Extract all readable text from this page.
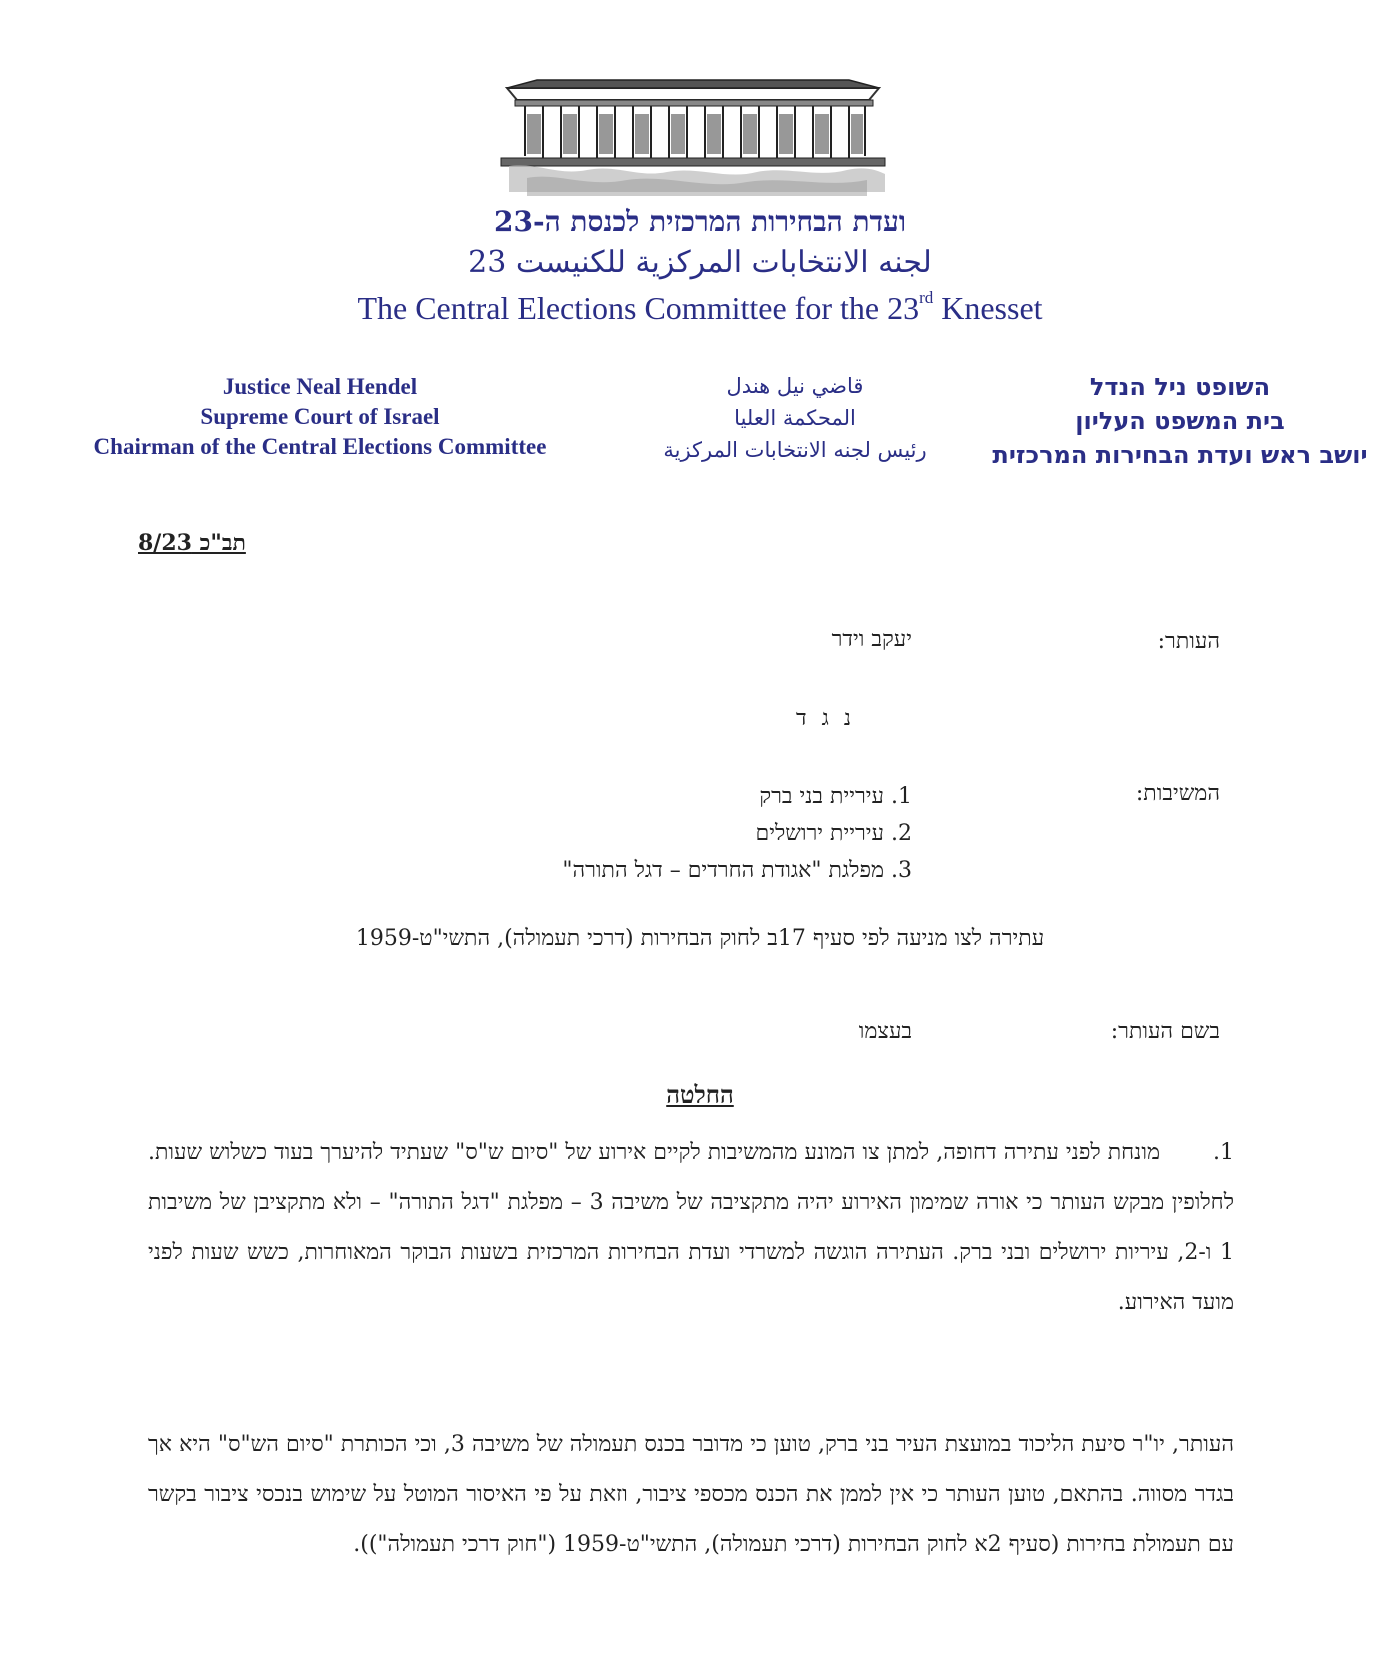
ועדת הבחירות המרכזית לכנסת ה-23
لجنه الانتخابات المركزية للكنيست 23
The Central Elections Committee for the 23rd Knesset
Justice Neal Hendel
Supreme Court of Israel
Chairman of the Central Elections Committee
قاضي نيل هندل
المحكمة العليا
رئيس لجنه الانتخابات المركزية
השופט ניל הנדל
בית המשפט העליון
יושב ראש ועדת הבחירות המרכזית
תב"כ 8/23
העותר:
יעקב וידר
נ ג ד
המשיבות:
1. עיריית בני ברק
2. עיריית ירושלים
3. מפלגת "אגודת החרדים – דגל התורה"
עתירה לצו מניעה לפי סעיף 17ב לחוק הבחירות (דרכי תעמולה), התשי"ט-1959
בשם העותר:
בעצמו
החלטה
1.מונחת לפני עתירה דחופה, למתן צו המונע מהמשיבות לקיים אירוע של "סיום ש"ס" שעתיד להיערך בעוד כשלוש שעות. לחלופין מבקש העותר כי אורה שמימון האירוע יהיה מתקציבה של משיבה 3 – מפלגת "דגל התורה" – ולא מתקציבן של משיבות 1 ו-2, עיריות ירושלים ובני ברק. העתירה הוגשה למשרדי ועדת הבחירות המרכזית בשעות הבוקר המאוחרות, כשש שעות לפני מועד האירוע.
העותר, יו"ר סיעת הליכוד במועצת העיר בני ברק, טוען כי מדובר בכנס תעמולה של משיבה 3, וכי הכותרת "סיום הש"ס" היא אך בגדר מסווה. בהתאם, טוען העותר כי אין לממן את הכנס מכספי ציבור, וזאת על פי האיסור המוטל על שימוש בנכסי ציבור בקשר עם תעמולת בחירות (סעיף 2א לחוק הבחירות (דרכי תעמולה), התשי"ט-1959 ("חוק דרכי תעמולה")).
